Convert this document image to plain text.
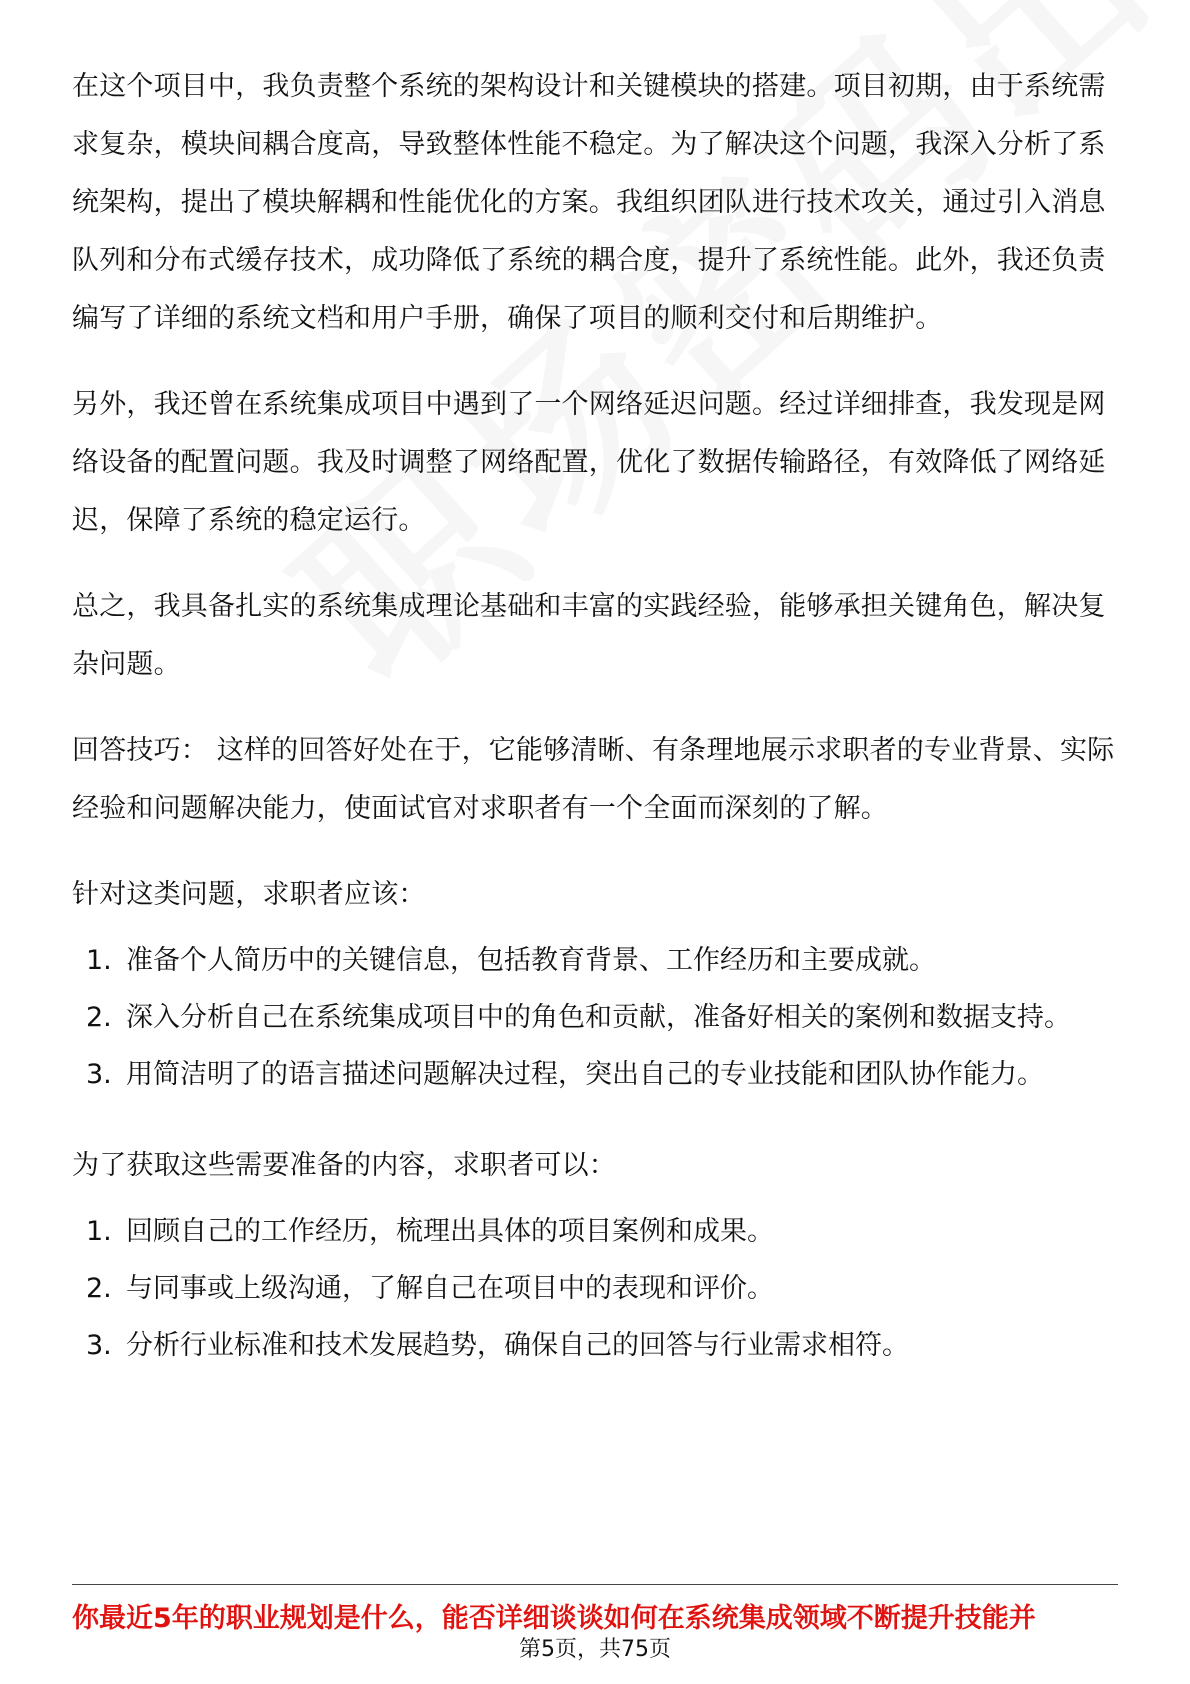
在这个项目中，我负责整个系统的架构设计和关键模块的搭建。项目初期，由于系统需求复杂，模块间耦合度高，导致整体性能不稳定。为了解决这个问题，我深入分析了系统架构，提出了模块解耦和性能优化的方案。我组织团队进行技术攻关，通过引入消息队列和分布式缓存技术，成功降低了系统的耦合度，提升了系统性能。此外，我还负责编写了详细的系统文档和用户手册，确保了项目的顺利交付和后期维护。

另外，我还曾在系统集成项目中遇到了一个网络延迟问题。经过详细排查，我发现是网络设备的配置问题。我及时调整了网络配置，优化了数据传输路径，有效降低了网络延迟，保障了系统的稳定运行。

总之，我具备扎实的系统集成理论基础和丰富的实践经验，能够承担关键角色，解决复杂问题。

回答技巧： 这样的回答好处在于，它能够清晰、有条理地展示求职者的专业背景、实际经验和问题解决能力，使面试官对求职者有一个全面而深刻的了解。

针对这类问题，求职者应该：

1. 准备个人简历中的关键信息，包括教育背景、工作经历和主要成就。
2. 深入分析自己在系统集成项目中的角色和贡献，准备好相关的案例和数据支持。
3. 用简洁明了的语言描述问题解决过程，突出自己的专业技能和团队协作能力。

为了获取这些需要准备的内容，求职者可以：

1. 回顾自己的工作经历，梳理出具体的项目案例和成果。
2. 与同事或上级沟通，了解自己在项目中的表现和评价。
3. 分析行业标准和技术发展趋势，确保自己的回答与行业需求相符。
你最近5年的职业规划是什么，能否详细谈谈如何在系统集成领域不断提升技能并
第5页，共75页
